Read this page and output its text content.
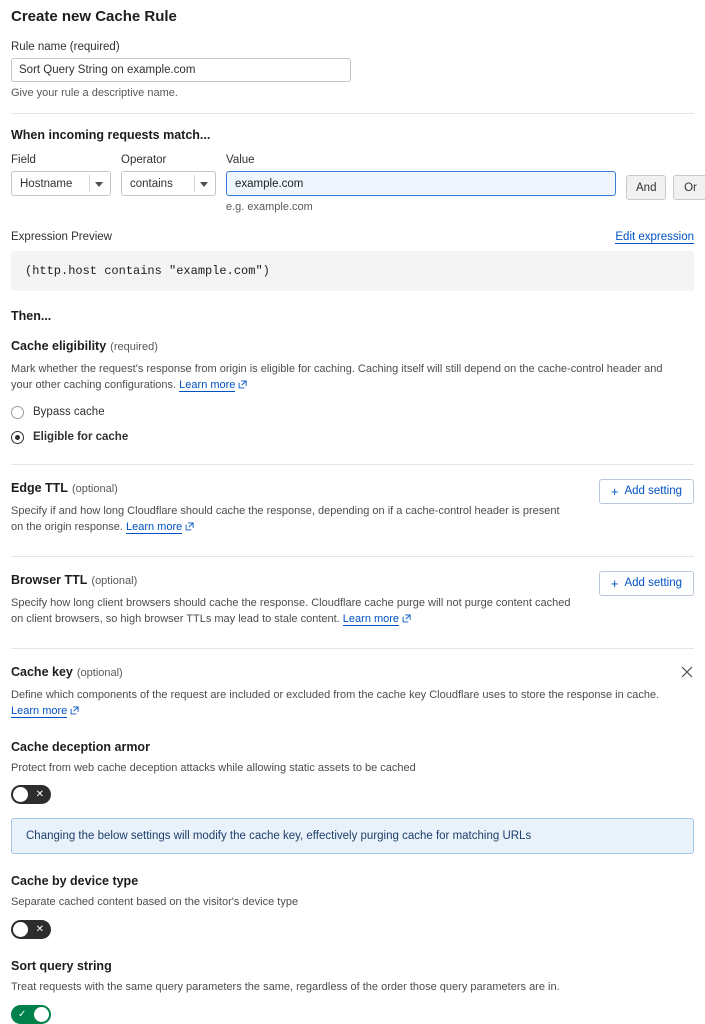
Create new Cache Rule
Rule name (required)
Sort Query String on example.com
Give your rule a descriptive name.
When incoming requests match...
Field
Hostname
Operator
contains
Value
example.com
e.g. example.com
And	Or
Expression Preview	Edit expression
(http.host contains "example.com")
Then...
Cache eligibility (required)
Mark whether the request's response from origin is eligible for caching. Caching itself will still depend on the cache-control header and your other caching configurations. Learn more
Bypass cache
Eligible for cache
Edge TTL (optional)
Specify if and how long Cloudflare should cache the response, depending on if a cache-control header is present on the origin response. Learn more
+ Add setting
Browser TTL (optional)
Specify how long client browsers should cache the response. Cloudflare cache purge will not purge content cached on client browsers, so high browser TTLs may lead to stale content. Learn more
+ Add setting
Cache key (optional)
Define which components of the request are included or excluded from the cache key Cloudflare uses to store the response in cache.
Learn more
Cache deception armor
Protect from web cache deception attacks while allowing static assets to be cached
✕
Changing the below settings will modify the cache key, effectively purging cache for matching URLs
Cache by device type
Separate cached content based on the visitor's device type
✕
Sort query string
Treat requests with the same query parameters the same, regardless of the order those query parameters are in.
✓
